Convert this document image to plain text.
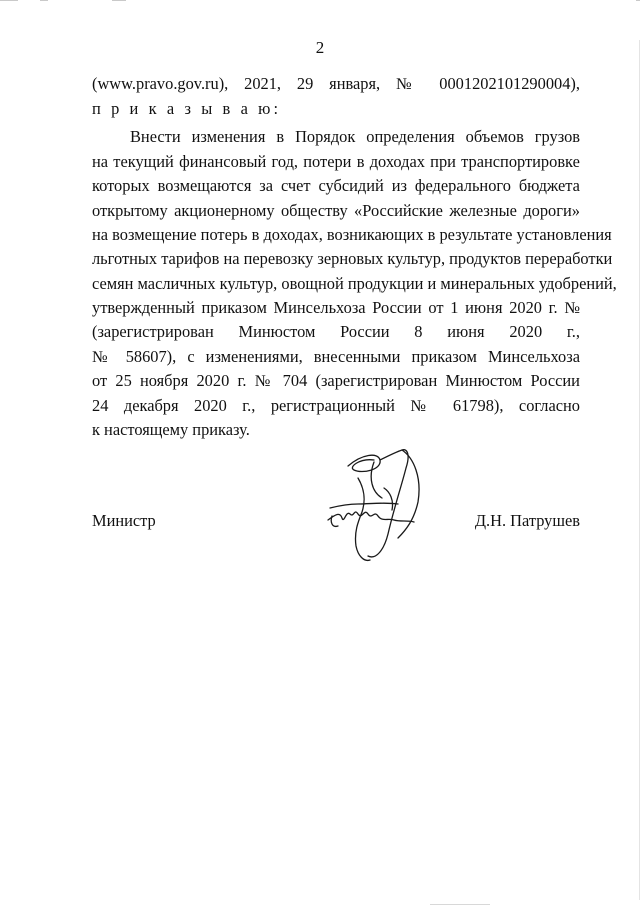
2
(www.pravo.gov.ru), 2021, 29 января, № 0001202101290004),
п р и к а з ы в а ю:
Внести изменения в Порядок определения объемов грузов
на текущий финансовый год, потери в доходах при транспортировке
которых возмещаются за счет субсидий из федерального бюджета
открытому акционерному обществу «Российские железные дороги»
на возмещение потерь в доходах, возникающих в результате установления
льготных тарифов на перевозку зерновых культур, продуктов переработки
семян масличных культур, овощной продукции и минеральных удобрений,
утвержденный приказом Минсельхоза России от 1 июня 2020 г. №
(зарегистрирован Минюстом России 8 июня 2020 г.,
№ 58607), с изменениями, внесенными приказом Минсельхоза
от 25 ноября 2020 г. № 704 (зарегистрирован Минюстом России
24 декабря 2020 г., регистрационный № 61798), согласно
к настоящему приказу.
Министр	Д.Н. Патрушев
